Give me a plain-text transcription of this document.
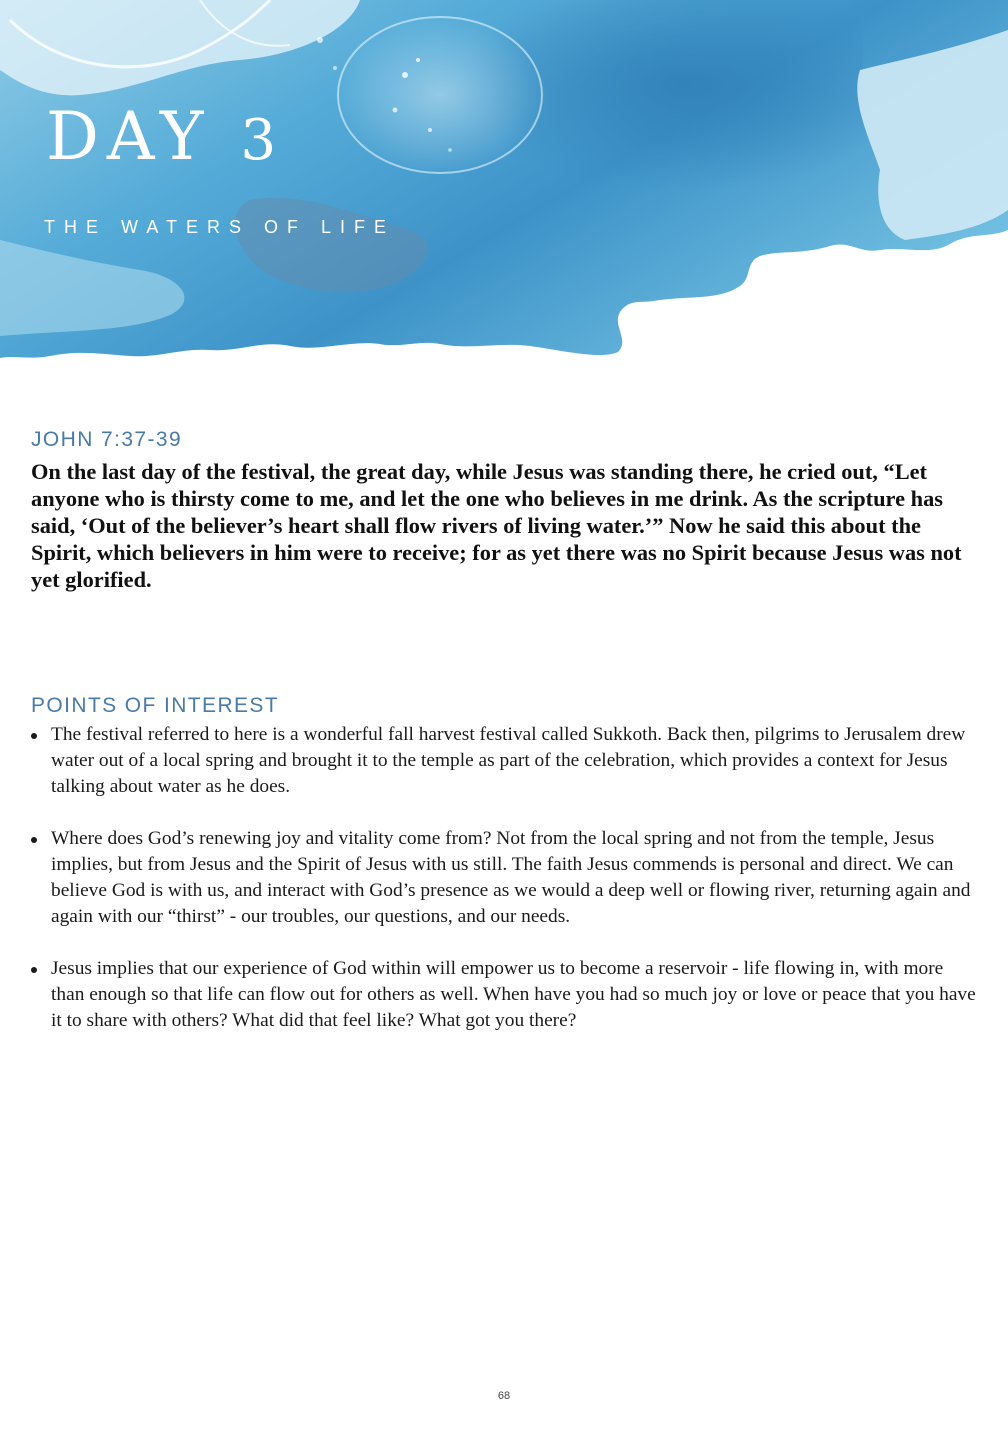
DAY 3

THE WATERS OF LIFE

JOHN 7:37-39

On the last day of the festival, the great day, while Jesus was standing there, he cried out, “Let anyone who is thirsty come to me, and let the one who believes in me drink. As the scripture has said, ‘Out of the believer’s heart shall flow rivers of living water.’” Now he said this about the Spirit, which believers in him were to receive; for as yet there was no Spirit because Jesus was not yet glorified.

POINTS OF INTEREST
The festival referred to here is a wonderful fall harvest festival called Sukkoth. Back then, pilgrims to Jerusalem drew water out of a local spring and brought it to the temple as part of the celebration, which provides a context for Jesus talking about water as he does.
Where does God’s renewing joy and vitality come from? Not from the local spring and not from the temple, Jesus implies, but from Jesus and the Spirit of Jesus with us still. The faith Jesus commends is personal and direct. We can believe God is with us, and interact with God’s presence as we would a deep well or flowing river, returning again and again with our “thirst” - our troubles, our questions, and our needs.
Jesus implies that our experience of God within will empower us to become a reservoir - life flowing in, with more than enough so that life can flow out for others as well. When have you had so much joy or love or peace that you have it to share with others? What did that feel like? What got you there?
68
